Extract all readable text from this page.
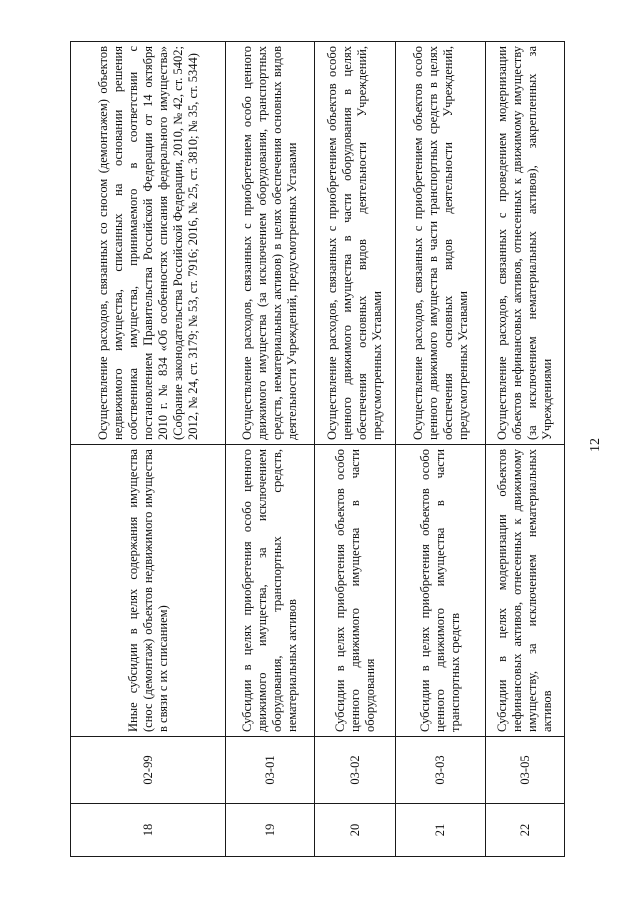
18	02-99	Иные субсидии в целях содержания имущества (снос (демонтаж) объектов недвижимого имущества в связи с их списанием)	Осуществление расходов, связанных со сносом (демонтажем) объектов недвижимого имущества, списанных на основании решения собственника имущества, принимаемого в соответствии с постановлением Правительства Российской Федерации от 14 октября 2010 г. № 834 «Об особенностях списания федерального имущества» (Собрание законодательства Российской Федерации, 2010, № 42, ст. 5402; 2012, № 24, ст. 3179; № 53, ст. 7916; 2016, № 25, ст. 3810; № 35, ст. 5344)
19	03-01	Субсидии в целях приобретения особо ценного движимого имущества, за исключением оборудования, транспортных средств, нематериальных активов	Осуществление расходов, связанных с приобретением особо ценного движимого имущества (за исключением оборудования, транспортных средств, нематериальных активов) в целях обеспечения основных видов деятельности Учреждений, предусмотренных Уставами
20	03-02	Субсидии в целях приобретения объектов особо ценного движимого имущества в части оборудования	Осуществление расходов, связанных с приобретением объектов особо ценного движимого имущества в части оборудования в целях обеспечения основных видов деятельности Учреждений, предусмотренных Уставами
21	03-03	Субсидии в целях приобретения объектов особо ценного движимого имущества в части транспортных средств	Осуществление расходов, связанных с приобретением объектов особо ценного движимого имущества в части транспортных средств в целях обеспечения основных видов деятельности Учреждений, предусмотренных Уставами
22	03-05	Субсидии в целях модернизации объектов нефинансовых активов, отнесенных к движимому имуществу, за исключением нематериальных активов	Осуществление расходов, связанных с проведением модернизации объектов нефинансовых активов, отнесенных к движимому имуществу (за исключением нематериальных активов), закрепленных за Учреждениями
12
